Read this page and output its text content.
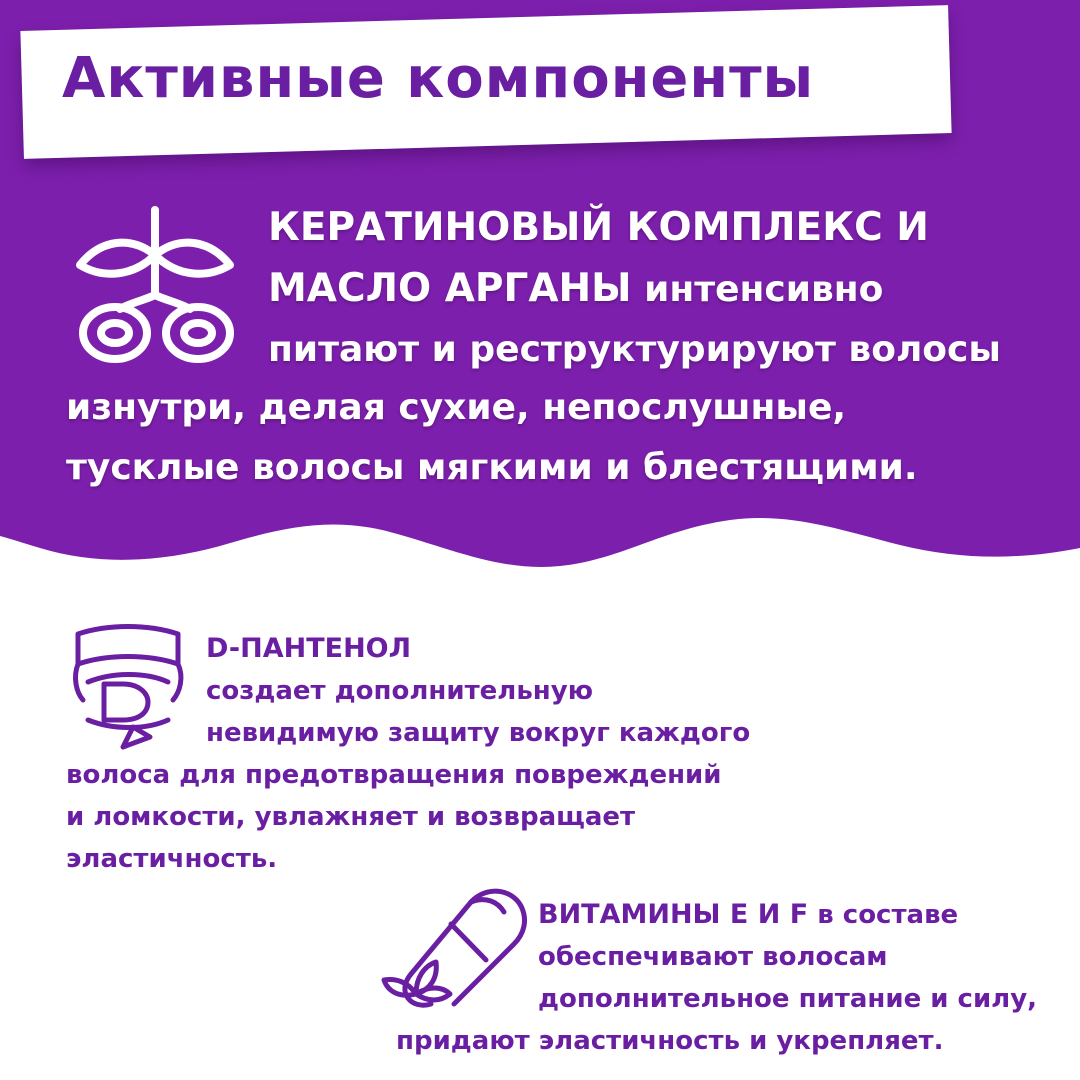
Активные компоненты
КЕРАТИНОВЫЙ КОМПЛЕКС И
МАСЛО АРГАНЫ интенсивно
питают и реструктурируют волосы
изнутри, делая сухие, непослушные,
тусклые волосы мягкими и блестящими.
D-ПАНТЕНОЛ
создает дополнительную
невидимую защиту вокруг каждого
волоса для предотвращения повреждений
и ломкости, увлажняет и возвращает
эластичность.
ВИТАМИНЫ Е И F в составе
обеспечивают волосам
дополнительное питание и силу,
придают эластичность и укрепляет.
